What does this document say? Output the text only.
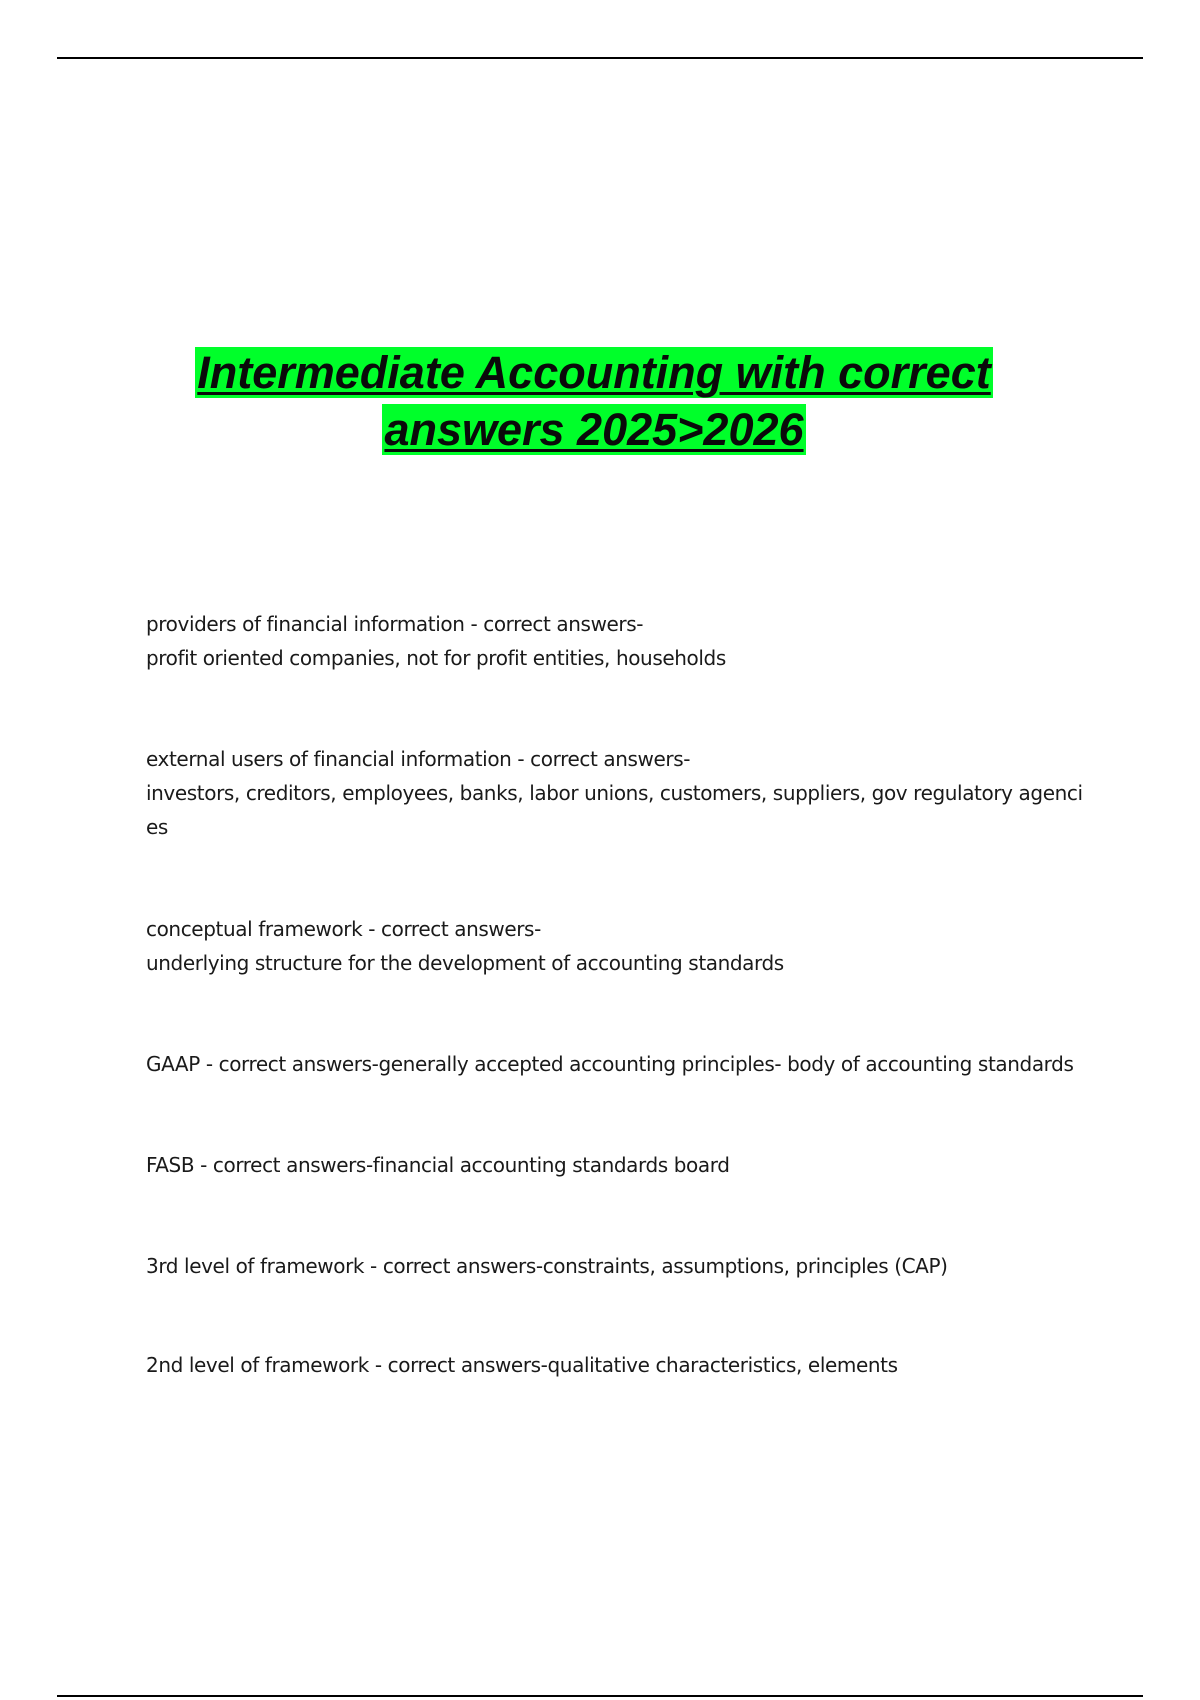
Intermediate Accounting with correct
answers 2025>2026
providers of financial information - correct answers-
profit oriented companies, not for profit entities, households
external users of financial information - correct answers-
investors, creditors, employees, banks, labor unions, customers, suppliers, gov regulatory agencies
conceptual framework - correct answers-
underlying structure for the development of accounting standards
GAAP - correct answers-generally accepted accounting principles- body of accounting standards
FASB - correct answers-financial accounting standards board
3rd level of framework - correct answers-constraints, assumptions, principles (CAP)
2nd level of framework - correct answers-qualitative characteristics, elements
